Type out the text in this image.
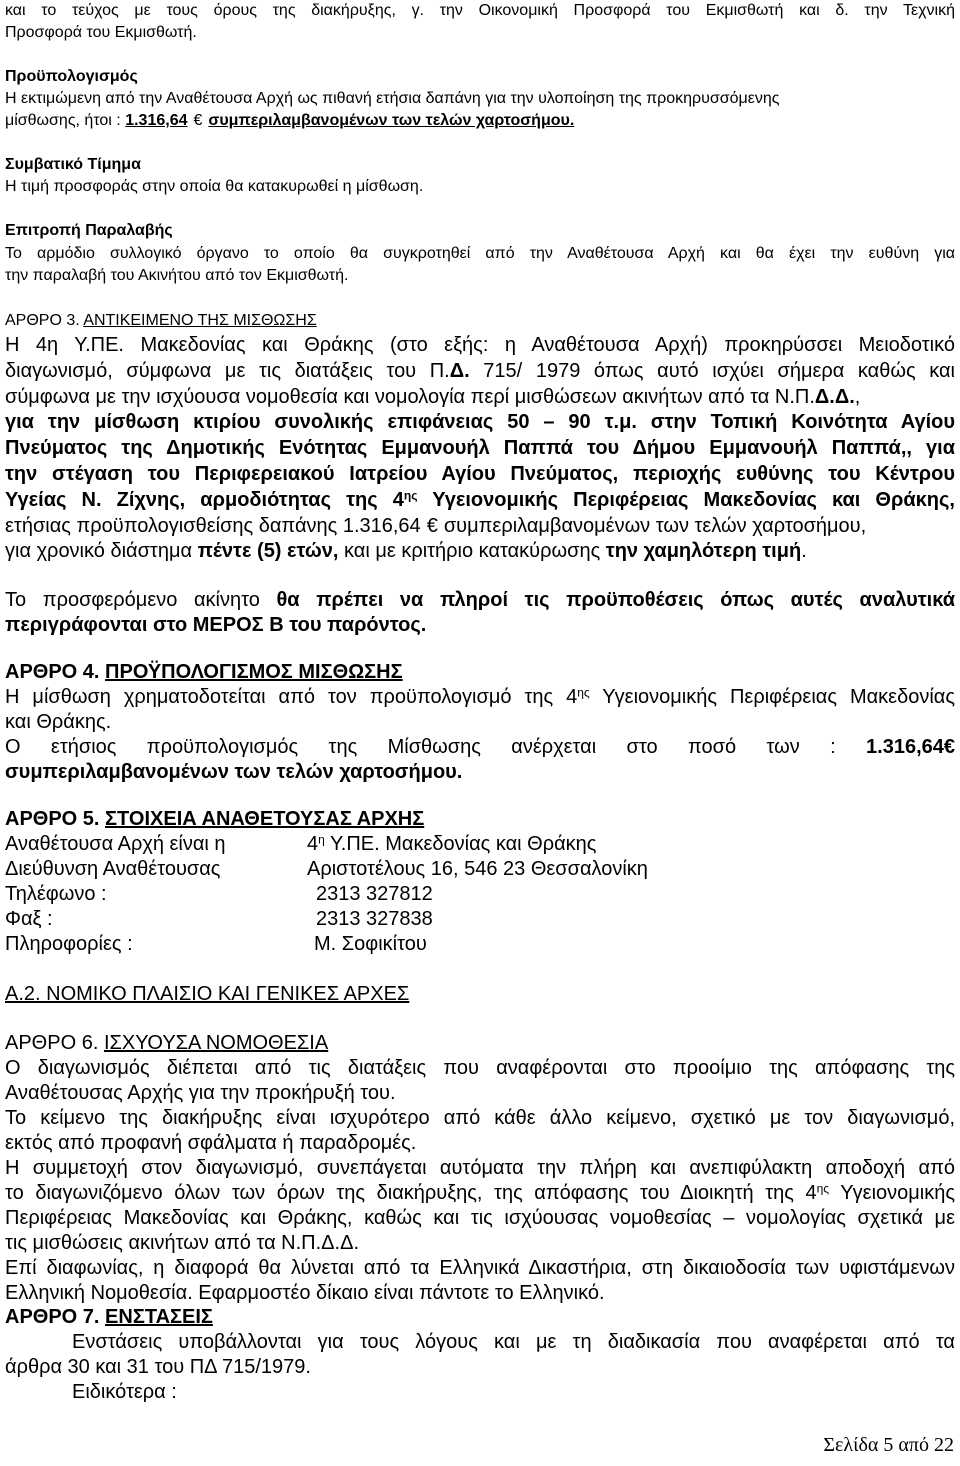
και το τεύχος με τους όρους της διακήρυξης, γ. την Οικονομική Προσφορά του Εκμισθωτή και δ. την Τεχνική
Προσφορά του Εκμισθωτή.
Προϋπολογισμός
Η εκτιμώμενη από την Αναθέτουσα Αρχή ως πιθανή ετήσια δαπάνη για την υλοποίηση της προκηρυσσόμενης
μίσθωσης, ήτοι : 1.316,64 € συμπεριλαμβανομένων των τελών χαρτοσήμου.
Συμβατικό Τίμημα
Η τιμή προσφοράς στην οποία θα κατακυρωθεί η μίσθωση.
Επιτροπή Παραλαβής
Το αρμόδιο συλλογικό όργανο το οποίο θα συγκροτηθεί από την Αναθέτουσα Αρχή και θα έχει την ευθύνη για
την παραλαβή του Ακινήτου από τον Εκμισθωτή.
ΑΡΘΡΟ 3. ΑΝΤΙΚΕΙΜΕΝΟ ΤΗΣ ΜΙΣΘΩΣΗΣ
Η 4η Υ.ΠΕ. Μακεδονίας και Θράκης (στο εξής: η Αναθέτουσα Αρχή) προκηρύσσει Μειοδοτικό
διαγωνισμό, σύμφωνα με τις διατάξεις του Π.Δ. 715/ 1979 όπως αυτό ισχύει σήμερα καθώς και
σύμφωνα με την ισχύουσα νομοθεσία και νομολογία περί μισθώσεων ακινήτων από τα Ν.Π.Δ.Δ.,
για την μίσθωση κτιρίου συνολικής επιφάνειας 50 – 90 τ.μ. στην Τοπική Κοινότητα Αγίου
Πνεύματος της Δημοτικής Ενότητας Εμμανουήλ Παππά του Δήμου Εμμανουήλ Παππά,, για
την στέγαση του Περιφερειακού Ιατρείου Αγίου Πνεύματος, περιοχής ευθύνης του Κέντρου
Υγείας Ν. Ζίχνης, αρμοδιότητας της $4^{\eta\varsigma}$ Υγειονομικής Περιφέρειας Μακεδονίας και Θράκης,
ετήσιας προϋπολογισθείσης δαπάνης 1.316,64 € συμπεριλαμβανομένων των τελών χαρτοσήμου,
για χρονικό διάστημα πέντε (5) ετών, και με κριτήριο κατακύρωσης την χαμηλότερη τιμή.
Το προσφερόμενο ακίνητο θα πρέπει να πληροί τις προϋποθέσεις όπως αυτές αναλυτικά
περιγράφονται στο ΜΕΡΟΣ Β του παρόντος.
ΑΡΘΡΟ 4. ΠΡΟΫΠΟΛΟΓΙΣΜΟΣ ΜΙΣΘΩΣΗΣ
Η μίσθωση χρηματοδοτείται από τον προϋπολογισμό της $4^{\eta\varsigma}$ Υγειονομικής Περιφέρειας Μακεδονίας
και Θράκης.
Ο ετήσιος προϋπολογισμός της Μίσθωσης ανέρχεται στο ποσό των : 1.316,64€
συμπεριλαμβανομένων των τελών χαρτοσήμου.
ΑΡΘΡΟ 5. ΣΤΟΙΧΕΙΑ ΑΝΑΘΕΤΟΥΣΑΣ ΑΡΧΗΣ
Αναθέτουσα Αρχή είναι η	$4^\eta$ Υ.ΠΕ. Μακεδονίας και Θράκης
Διεύθυνση Αναθέτουσας	Αριστοτέλους 16, 546 23 Θεσσαλονίκη
Τηλέφωνο :	2313 327812
Φαξ :	2313 327838
Πληροφορίες :	Μ. Σοφικίτου
Α.2. ΝΟΜΙΚΟ ΠΛΑΙΣΙΟ ΚΑΙ ΓΕΝΙΚΕΣ ΑΡΧΕΣ
ΑΡΘΡΟ 6. ΙΣΧΥΟΥΣΑ ΝΟΜΟΘΕΣΙΑ
Ο διαγωνισμός διέπεται από τις διατάξεις που αναφέρονται στο προοίμιο της απόφασης της
Αναθέτουσας Αρχής για την προκήρυξή του.
Το κείμενο της διακήρυξης είναι ισχυρότερο από κάθε άλλο κείμενο, σχετικό με τον διαγωνισμό,
εκτός από προφανή σφάλματα ή παραδρομές.
Η συμμετοχή στον διαγωνισμό, συνεπάγεται αυτόματα την πλήρη και ανεπιφύλακτη αποδοχή από
το διαγωνιζόμενο όλων των όρων της διακήρυξης, της απόφασης του Διοικητή της $4^{\eta\varsigma}$ Υγειονομικής
Περιφέρειας Μακεδονίας και Θράκης, καθώς και τις ισχύουσας νομοθεσίας – νομολογίας σχετικά με
τις μισθώσεις ακινήτων από τα Ν.Π.Δ.Δ.
Επί διαφωνίας, η διαφορά θα λύνεται από τα Ελληνικά Δικαστήρια, στη δικαιοδοσία των υφιστάμενων
Ελληνική Νομοθεσία. Εφαρμοστέο δίκαιο είναι πάντοτε το Ελληνικό.
ΑΡΘΡΟ 7. ΕΝΣΤΑΣΕΙΣ
Ενστάσεις υποβάλλονται για τους λόγους και με τη διαδικασία που αναφέρεται από τα
άρθρα 30 και 31 του ΠΔ 715/1979.
Ειδικότερα :
Σελίδα 5 από 22
